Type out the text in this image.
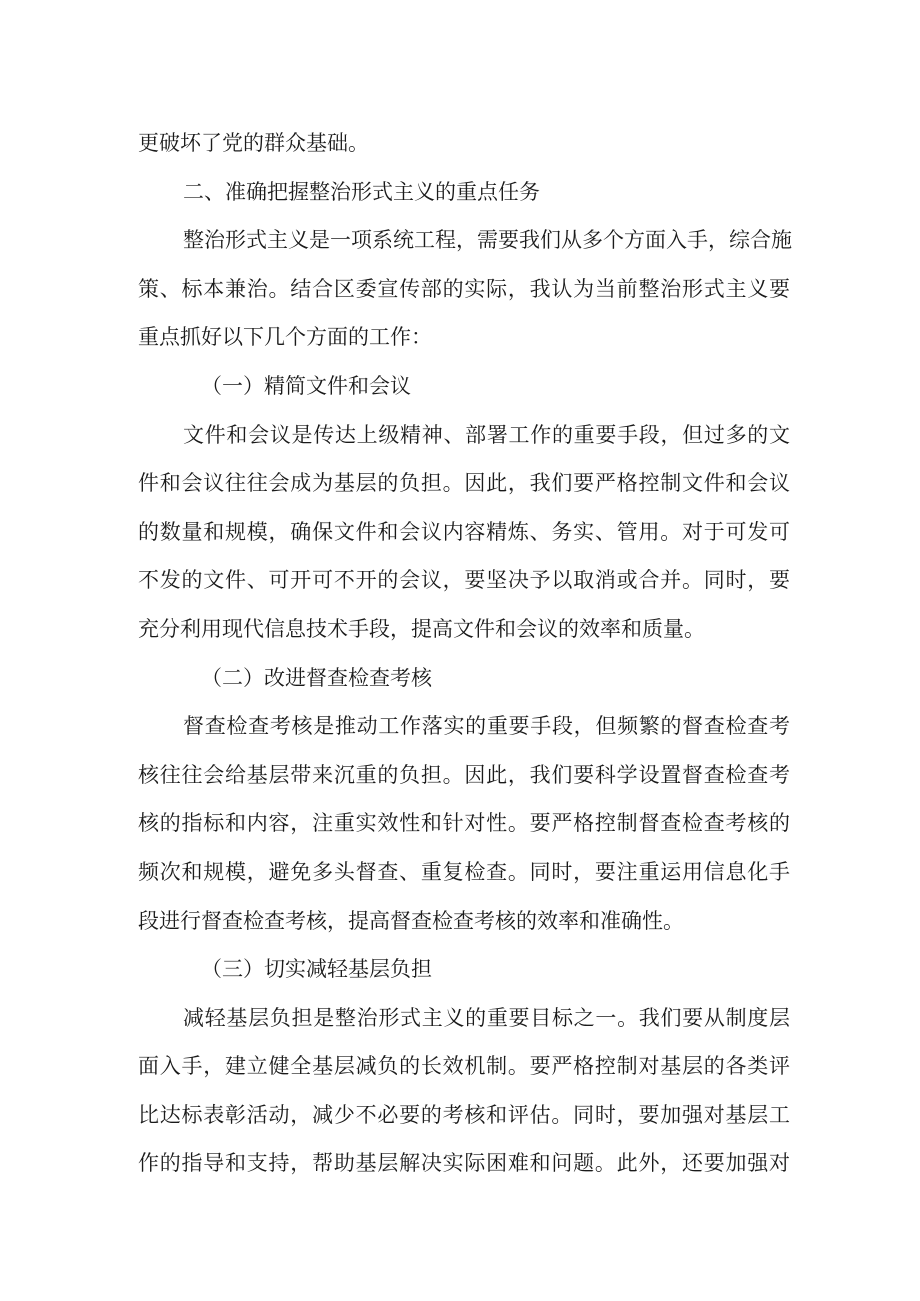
更破坏了党的群众基础。
二、准确把握整治形式主义的重点任务
整治形式主义是一项系统工程，需要我们从多个方面入手，综合施
策、标本兼治。结合区委宣传部的实际，我认为当前整治形式主义要
重点抓好以下几个方面的工作：
（一）精简文件和会议
文件和会议是传达上级精神、部署工作的重要手段，但过多的文
件和会议往往会成为基层的负担。因此，我们要严格控制文件和会议
的数量和规模，确保文件和会议内容精炼、务实、管用。对于可发可
不发的文件、可开可不开的会议，要坚决予以取消或合并。同时，要
充分利用现代信息技术手段，提高文件和会议的效率和质量。
（二）改进督查检查考核
督查检查考核是推动工作落实的重要手段，但频繁的督查检查考
核往往会给基层带来沉重的负担。因此，我们要科学设置督查检查考
核的指标和内容，注重实效性和针对性。要严格控制督查检查考核的
频次和规模，避免多头督查、重复检查。同时，要注重运用信息化手
段进行督查检查考核，提高督查检查考核的效率和准确性。
（三）切实减轻基层负担
减轻基层负担是整治形式主义的重要目标之一。我们要从制度层
面入手，建立健全基层减负的长效机制。要严格控制对基层的各类评
比达标表彰活动，减少不必要的考核和评估。同时，要加强对基层工
作的指导和支持，帮助基层解决实际困难和问题。此外，还要加强对
